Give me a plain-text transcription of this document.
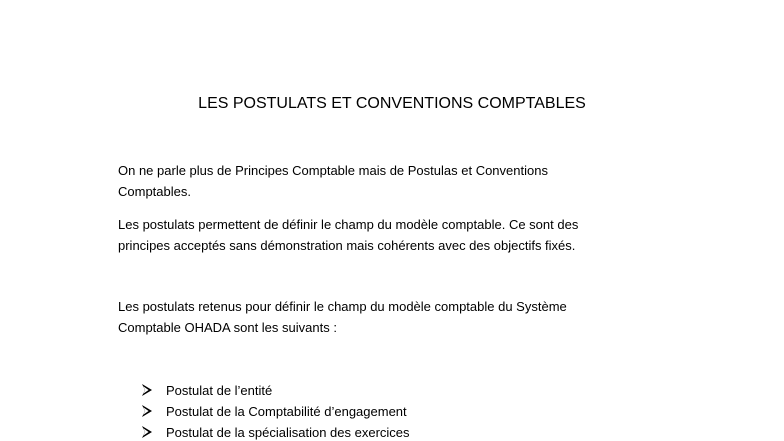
LES POSTULATS ET CONVENTIONS COMPTABLES

On ne parle plus de Principes Comptable mais de Postulas et Conventions
Comptables.

Les postulats permettent de définir le champ du modèle comptable. Ce sont des
principes acceptés sans démonstration mais cohérents avec des objectifs fixés.

Les postulats retenus pour définir le champ du modèle comptable du Système
Comptable OHADA sont les suivants :

Postulat de l’entité
Postulat de la Comptabilité d’engagement
Postulat de la spécialisation des exercices
